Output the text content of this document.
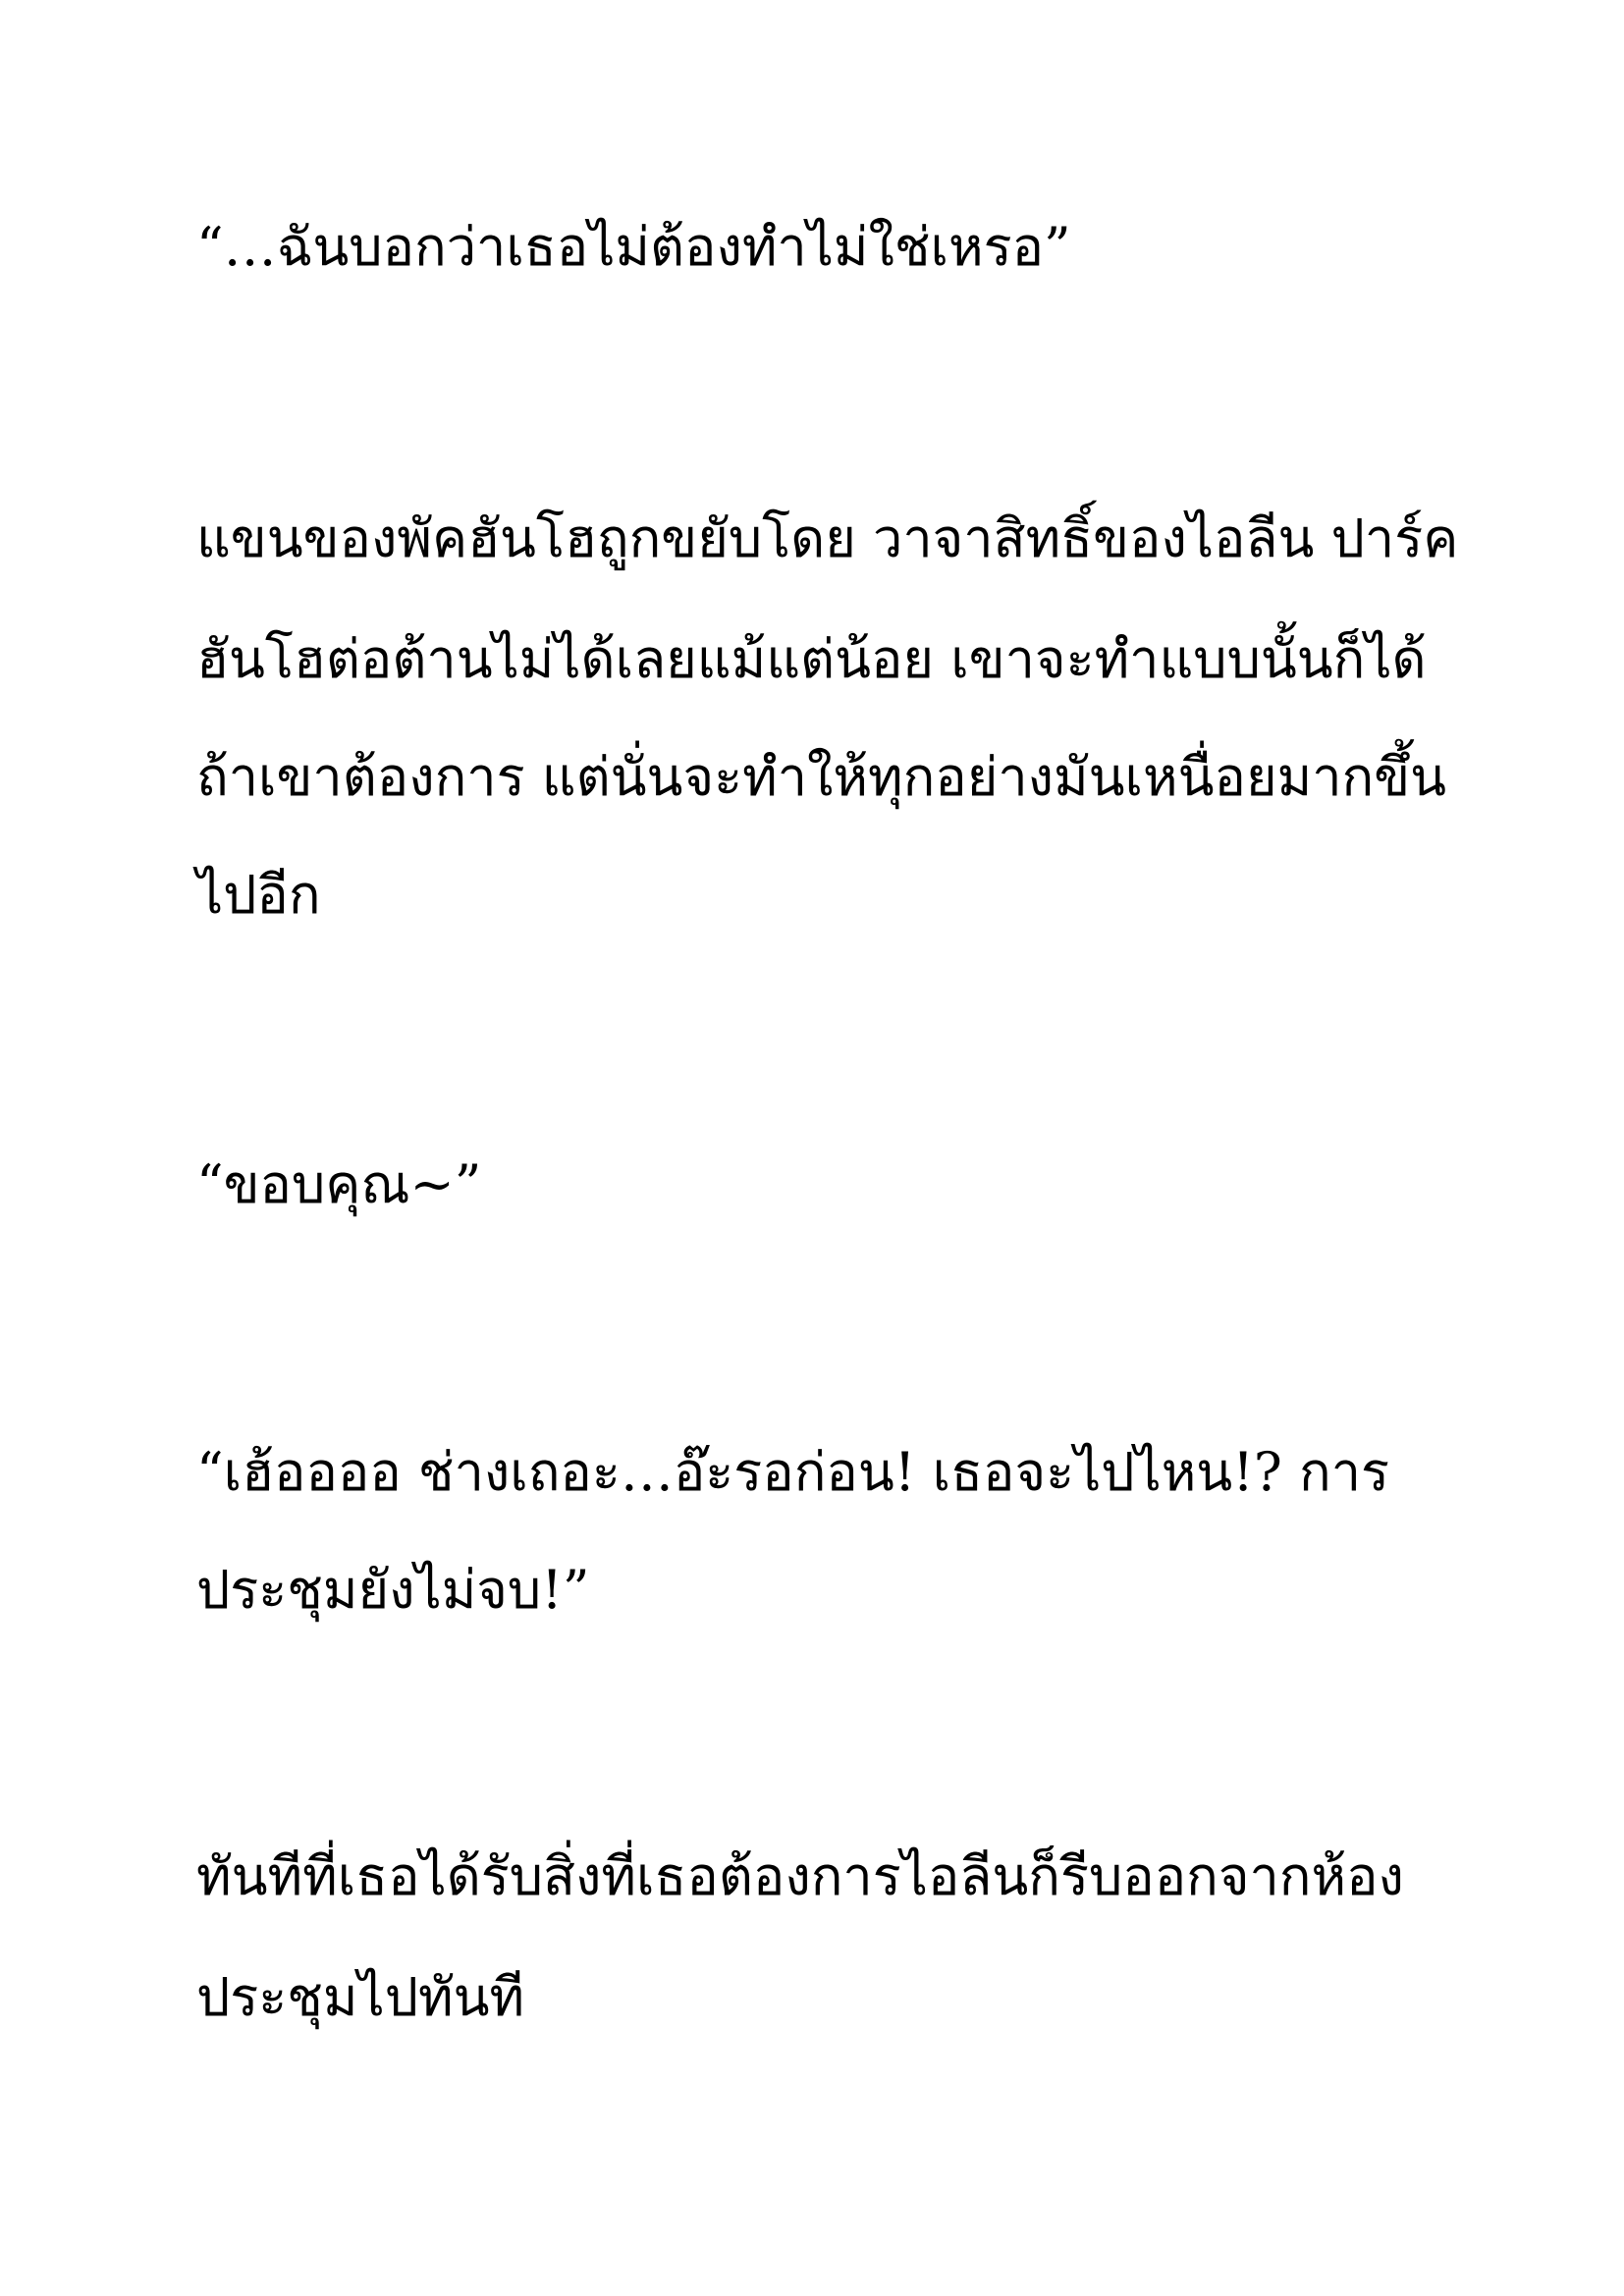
“…ฉันบอกว่าเธอไม่ต้องทำไม่ใช่เหรอ”

แขนของพัคฮันโฮถูกขยับโดย วาจาสิทธิ์ของไอลีน ปาร์ค

ฮันโฮต่อต้านไม่ได้เลยแม้แต่น้อย เขาจะทำแบบนั้นก็ได้

ถ้าเขาต้องการ แต่นั่นจะทำให้ทุกอย่างมันเหนื่อยมากขึ้น

ไปอีก

“ขอบคุณ~”

“เฮ้ออออ ช่างเถอะ…อ๊ะรอก่อน! เธอจะไปไหน!? การ

ประชุมยังไม่จบ!”

ทันทีที่เธอได้รับสิ่งที่เธอต้องการไอลีนก็รีบออกจากห้อง

ประชุมไปทันที
